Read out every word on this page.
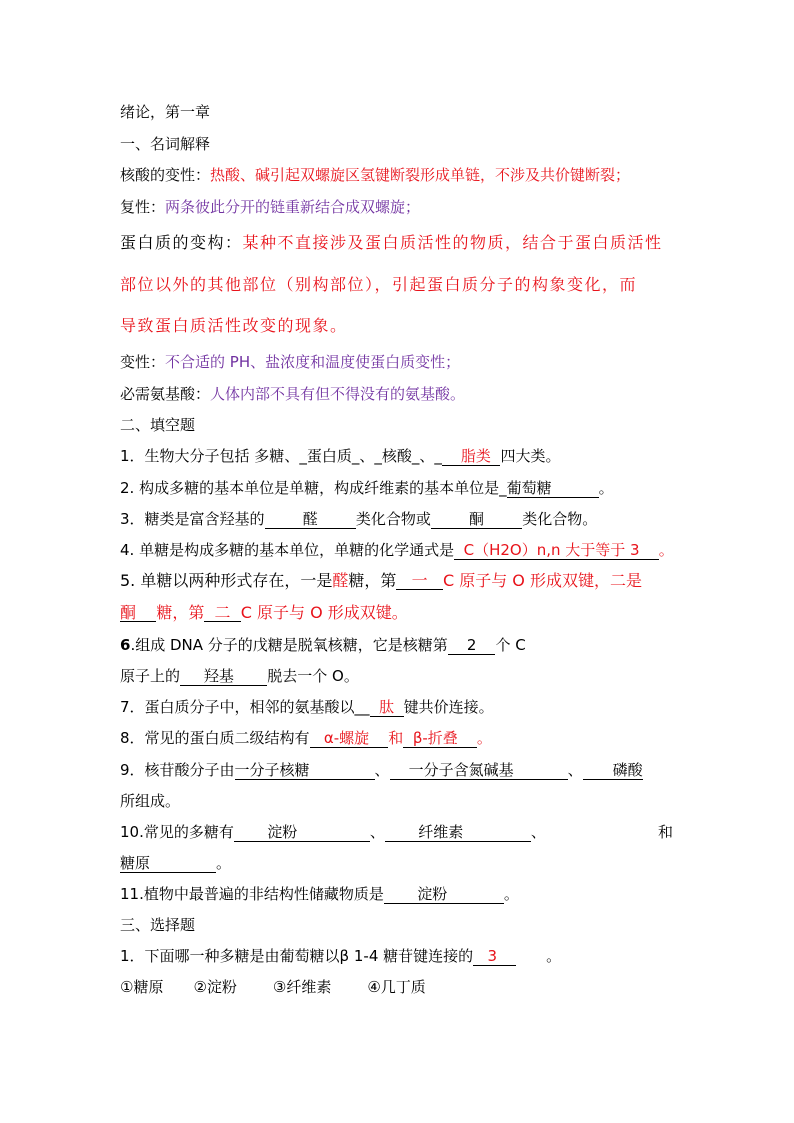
绪论，第一章
一、名词解释
核酸的变性：热酸、碱引起双螺旋区氢键断裂形成单链，不涉及共价键断裂；
复性：两条彼此分开的链重新结合成双螺旋；
蛋白质的变构：某种不直接涉及蛋白质活性的物质，结合于蛋白质活性
部位以外的其他部位（别构部位），引起蛋白质分子的构象变化，而
导致蛋白质活性改变的现象。
变性：不合适的 PH、盐浓度和温度使蛋白质变性；
必需氨基酸：人体内部不具有但不得没有的氨基酸。
二、填空题
1．生物大分子包括 多糖、_蛋白质_、_核酸_、_ 脂类 四大类。
2. 构成多糖的基本单位是单糖，构成纤维素的基本单位是_葡萄糖	。
3．糖类是富含羟基的	醛	类化合物或	酮	类化合物。
4. 单糖是构成多糖的基本单位，单糖的化学通式是 C（H2O）n,n 大于等于 3 。
5. 单糖以两种形式存在，一是醛糖，第 一 C 原子与 O 形成双键，二是
酮 糖，第 二 C 原子与 O 形成双键。
6.组成 DNA 分子的戊糖是脱氧核糖，它是核糖第 2 个 C
原子上的 羟基 脱去一个 O。
7．蛋白质分子中，相邻的氨基酸以__ 肽 键共价连接。
8．常见的蛋白质二级结构有 α-螺旋 和 β-折叠 。
9．核苷酸分子由一分子核糖	、 一分子含氮碱基	、 磷酸
所组成。
10.常见的多糖有 淀粉	、 纤维素	、	和
糖原	。
11.植物中最普遍的非结构性储藏物质是 淀粉	。
三、选择题
1．下面哪一种多糖是由葡萄糖以β 1-4 糖苷键连接的 3    　　。
①糖原 ②淀粉 ③纤维素 ④几丁质
